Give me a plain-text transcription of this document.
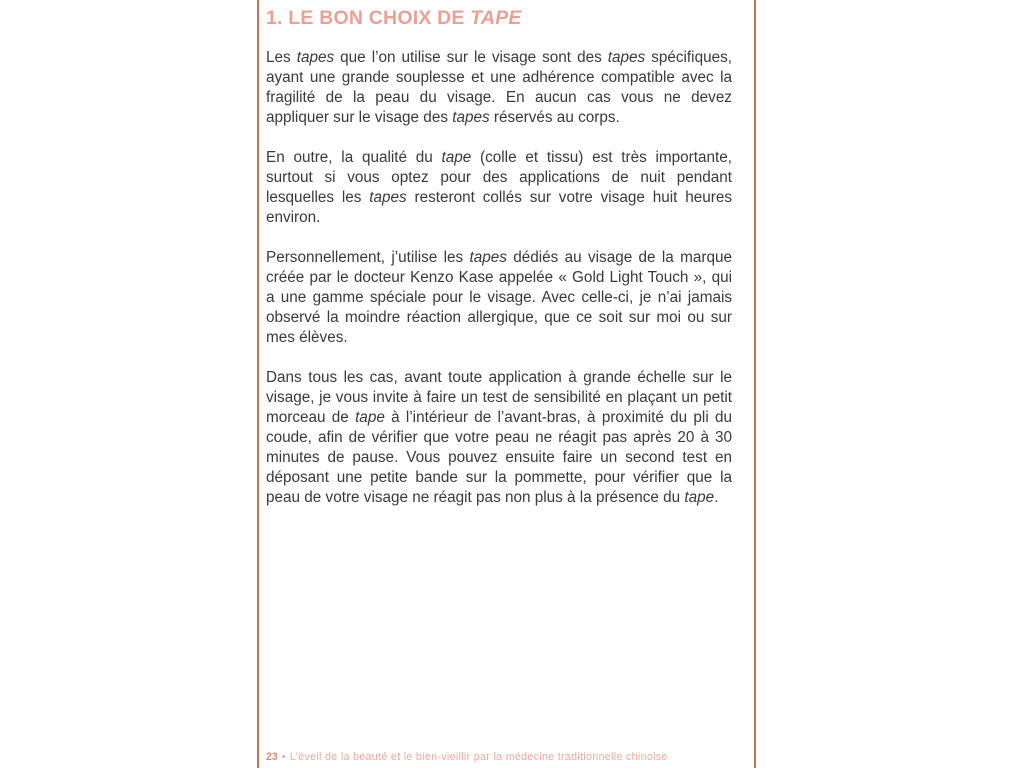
1. LE BON CHOIX DE TAPE

Les tapes que l’on utilise sur le visage sont des tapes spécifiques, ayant une grande souplesse et une adhérence compatible avec la fragilité de la peau du visage. En aucun cas vous ne devez appliquer sur le visage des tapes réservés au corps.

En outre, la qualité du tape (colle et tissu) est très importante, surtout si vous optez pour des applications de nuit pendant lesquelles les tapes resteront collés sur votre visage huit heures environ.

Personnellement, j’utilise les tapes dédiés au visage de la marque créée par le docteur Kenzo Kase appelée « Gold Light Touch », qui a une gamme spéciale pour le visage. Avec celle-ci, je n’ai jamais observé la moindre réaction allergique, que ce soit sur moi ou sur mes élèves.

Dans tous les cas, avant toute application à grande échelle sur le visage, je vous invite à faire un test de sensibilité en plaçant un petit morceau de tape à l’intérieur de l’avant-bras, à proximité du pli du coude, afin de vérifier que votre peau ne réagit pas après 20 à 30 minutes de pause. Vous pouvez ensuite faire un second test en déposant une petite bande sur la pommette, pour vérifier que la peau de votre visage ne réagit pas non plus à la présence du tape.

23 • L’éveil de la beauté et le bien-vieillir par la médecine traditionnelle chinoise
